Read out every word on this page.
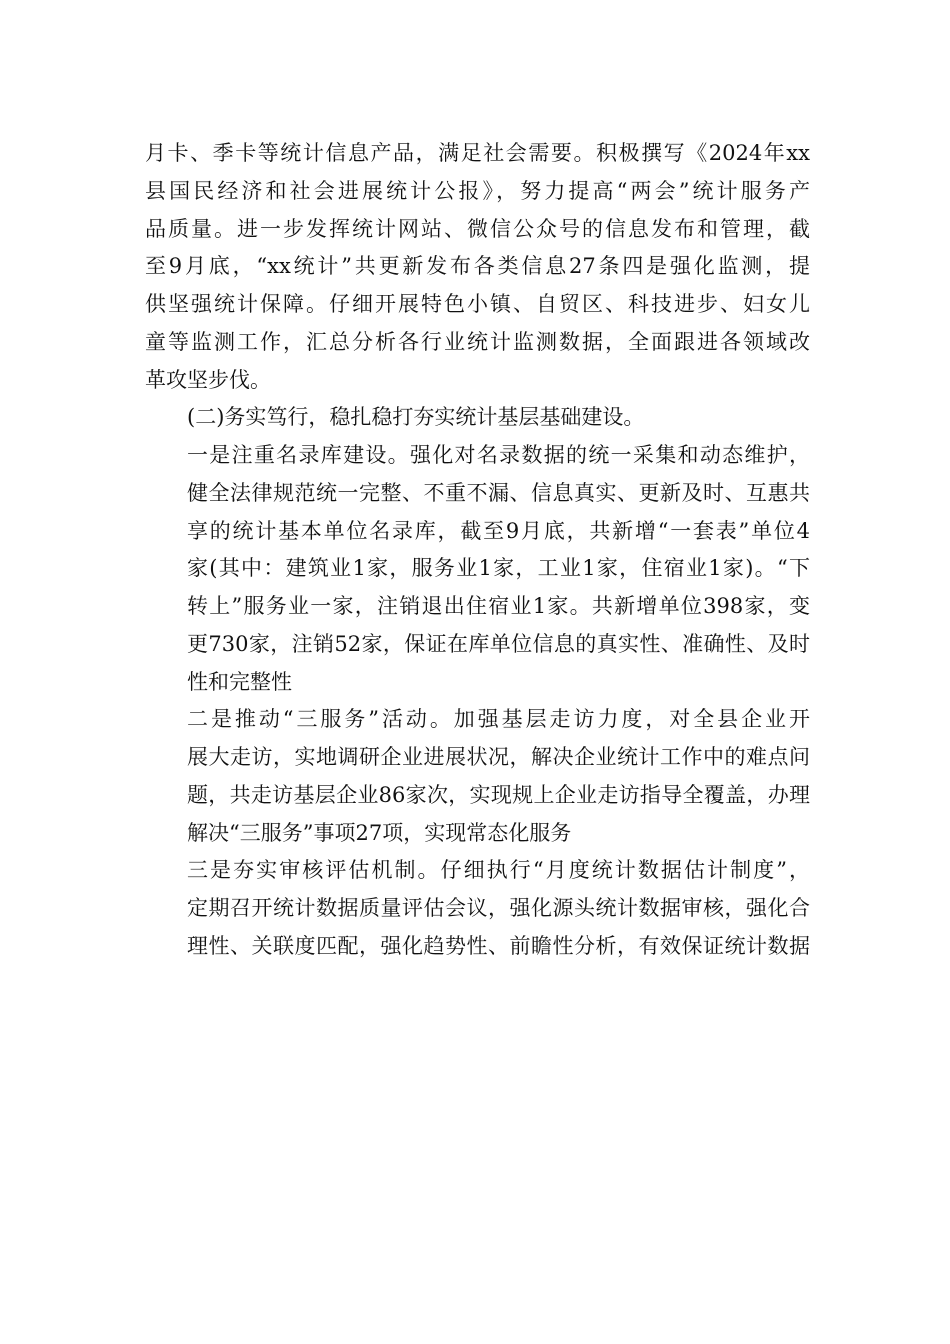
月卡、季卡等统计信息产品，满足社会需要。积极撰写《2024年xx
县国民经济和社会进展统计公报》，努力提高“两会”统计服务产
品质量。进一步发挥统计网站、微信公众号的信息发布和管理，截
至9月底，“xx统计”共更新发布各类信息27条四是强化监测，提
供坚强统计保障。仔细开展特色小镇、自贸区、科技进步、妇女儿
童等监测工作，汇总分析各行业统计监测数据，全面跟进各领域改
革攻坚步伐。

(二)务实笃行，稳扎稳打夯实统计基层基础建设。

一是注重名录库建设。强化对名录数据的统一采集和动态维护，
健全法律规范统一完整、不重不漏、信息真实、更新及时、互惠共
享的统计基本单位名录库，截至9月底，共新增“一套表”单位4
家(其中：建筑业1家，服务业1家，工业1家，住宿业1家)。“下
转上”服务业一家，注销退出住宿业1家。共新增单位398家，变
更730家，注销52家，保证在库单位信息的真实性、准确性、及时
性和完整性

二是推动“三服务”活动。加强基层走访力度，对全县企业开
展大走访，实地调研企业进展状况，解决企业统计工作中的难点问
题，共走访基层企业86家次，实现规上企业走访指导全覆盖，办理
解决“三服务”事项27项，实现常态化服务

三是夯实审核评估机制。仔细执行“月度统计数据估计制度”，
定期召开统计数据质量评估会议，强化源头统计数据审核，强化合
理性、关联度匹配，强化趋势性、前瞻性分析，有效保证统计数据
